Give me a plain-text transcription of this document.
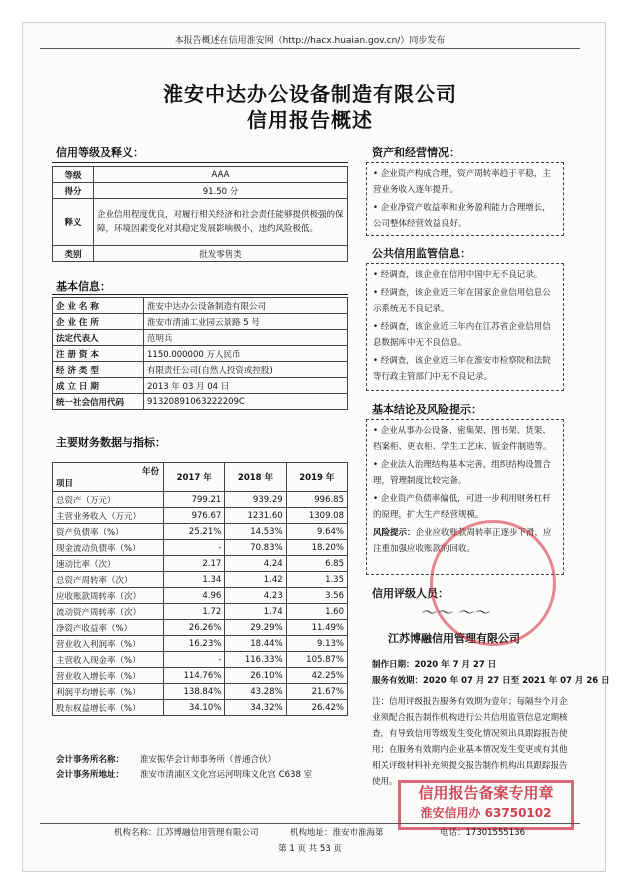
本报告概述在信用淮安网（http://hacx.huaian.gov.cn/）同步发布
淮安中达办公设备制造有限公司
信用报告概述
信用等级及释义：
等级	AAA
得分	91.50 分
释义	企业信用程度优良，对履行相关经济和社会责任能够提供极强的保障，环境因素变化对其稳定发展影响极小，违约风险极低。
类别	批发零售类
基本信息：
企 业 名 称	淮安中达办公设备制造有限公司
企 业 住 所	淮安市清浦工业园云景路 5 号
法定代表人	范明兵
注 册 资 本	1150.000000 万人民币
经 济 类 型	有限责任公司(自然人投资或控股)
成 立 日 期	2013 年 03 月 04 日
统一社会信用代码	91320891063222209C
主要财务数据与指标：
年份
项目	2017 年	2018 年	2019 年
总资产（万元）	799.21	939.29	996.85
主营业务收入（万元）	976.67	1231.60	1309.08
资产负债率（%）	25.21%	14.53%	9.64%
现金流动负债率（%）	-	70.83%	18.20%
速动比率（次）	2.17	4.24	6.85
总资产周转率（次）	1.34	1.42	1.35
应收账款周转率（次）	4.96	4.23	3.56
流动资产周转率（次）	1.72	1.74	1.60
净资产收益率（%）	26.26%	29.29%	11.49%
营业收入利润率（%）	16.23%	18.44%	9.13%
主营收入现金率（%）	-	116.33%	105.87%
营业收入增长率（%）	114.76%	26.10%	42.25%
利润平均增长率（%）	138.84%	43.28%	21.67%
股东权益增长率（%）	34.10%	34.32%	26.42%
会计事务所名称： 淮安振华会计师事务所（普通合伙）
会计事务所地址： 淮安市清浦区文化宫运河明珠文化宫 C638 室
资产和经营情况：

• 企业资产构成合理，资产周转率趋于平稳，主营业务收入逐年提升。

• 企业净资产收益率和业务盈利能力合理增长，公司整体经营效益良好。

公共信用监管信息：

• 经调查，该企业在信用中国中无不良记录。

• 经调查，该企业近三年在国家企业信用信息公示系统无不良记录。

• 经调查，该企业近三年内在江苏省企业信用信息数据库中无不良信息。

• 经调查，该企业近三年在淮安市检察院和法院等行政主管部门中无不良记录。

基本结论及风险提示：

• 企业从事办公设备、密集架、图书架、货架、档案柜、更衣柜、学生工艺床、钣金件制造等。

• 企业法人治理结构基本完善，组织结构设置合理，管理制度比较完备。

• 企业资产负债率偏低，可进一步利用财务杠杆的原理，扩大生产经营规模。

风险提示：企业应收账款周转率正逐步下滑，应注重加强应收账款的回收。

信用评级人员：
〜〜 〜〜
江苏博融信用管理有限公司
制作日期：2020 年 7 月 27 日
服务有效期：2020 年 07 月 27 日至 2021 年 07 月 26 日
注：信用评级报告服务有效期为壹年；每隔叁个月企业须配合报告制作机构进行公共信用监管信息定期核查，有导致信用等级发生变化情况须出具跟踪报告使用；在服务有效期内企业基本情况发生变更或有其他相关评级材料补充须提交报告制作机构出具跟踪报告使用。
信用报告备案专用章
淮安信用办 63750102
机构名称：江苏博融信用管理有限公司	机构地址：淮安市淮海第	电话：17301555136
第 1 页 共 53 页
